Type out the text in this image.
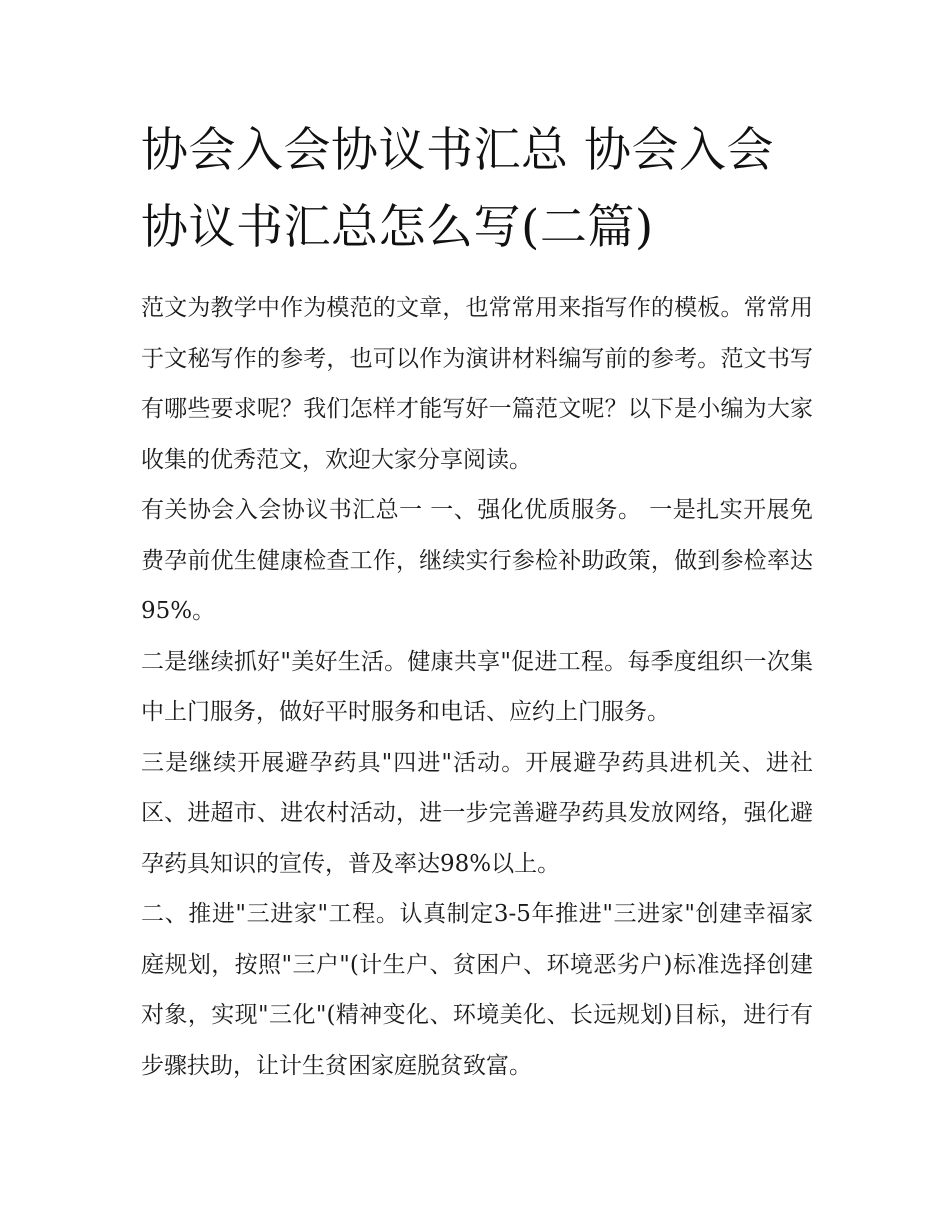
协会入会协议书汇总 协会入会协议书汇总怎么写(二篇)

范文为教学中作为模范的文章，也常常用来指写作的模板。常常用于文秘写作的参考，也可以作为演讲材料编写前的参考。范文书写有哪些要求呢？我们怎样才能写好一篇范文呢？以下是小编为大家收集的优秀范文，欢迎大家分享阅读。

有关协会入会协议书汇总一 一、强化优质服务。 一是扎实开展免费孕前优生健康检查工作，继续实行参检补助政策，做到参检率达95%。

二是继续抓好"美好生活。健康共享"促进工程。每季度组织一次集中上门服务，做好平时服务和电话、应约上门服务。

三是继续开展避孕药具"四进"活动。开展避孕药具进机关、进社区、进超市、进农村活动，进一步完善避孕药具发放网络，强化避孕药具知识的宣传，普及率达98%以上。

二、推进"三进家"工程。认真制定3-5年推进"三进家"创建幸福家庭规划，按照"三户"(计生户、贫困户、环境恶劣户)标准选择创建对象，实现"三化"(精神变化、环境美化、长远规划)目标，进行有步骤扶助，让计生贫困家庭脱贫致富。
